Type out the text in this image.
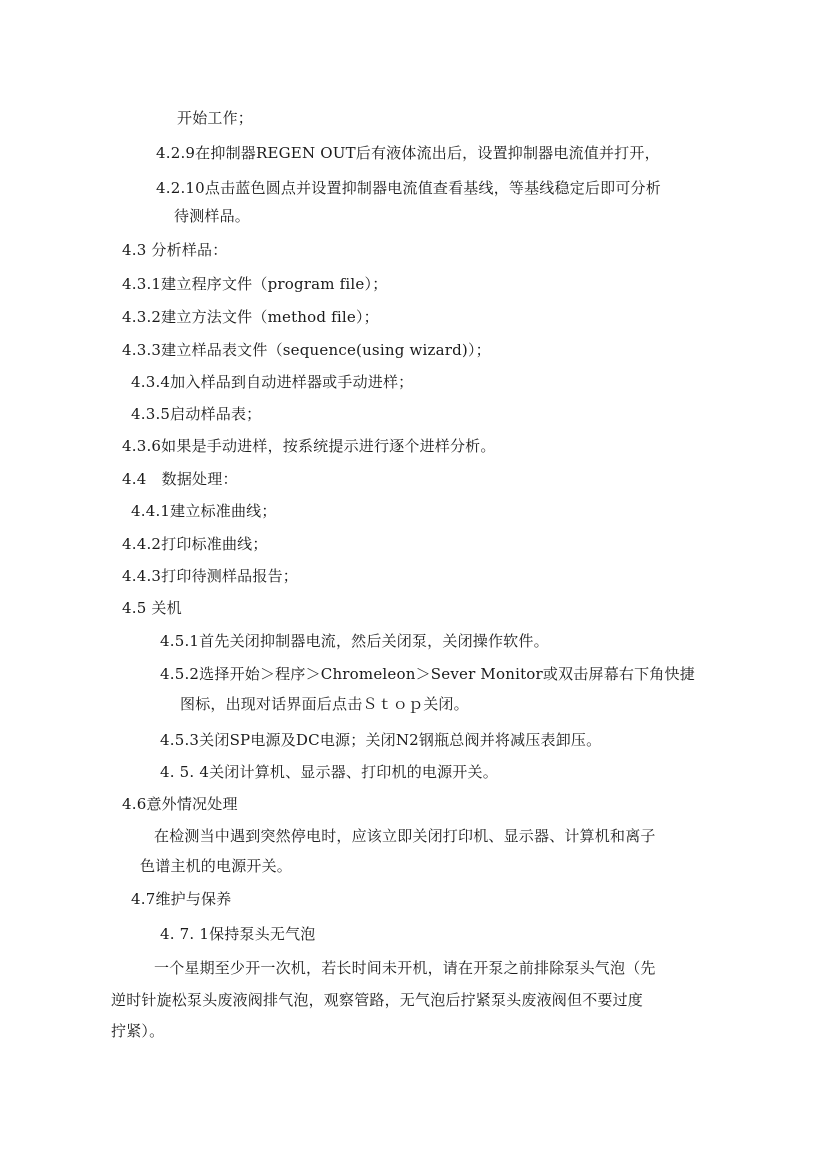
开始工作；
4.2.9在抑制器REGEN OUT后有液体流出后，设置抑制器电流值并打开，
4.2.10点击蓝色圆点并设置抑制器电流值查看基线，等基线稳定后即可分析
待测样品。
4.3 分析样品：
4.3.1建立程序文件（program file）；
4.3.2建立方法文件（method file）；
4.3.3建立样品表文件（sequence(using wizard)）；
4.3.4加入样品到自动进样器或手动进样；
4.3.5启动样品表；
4.3.6如果是手动进样，按系统提示进行逐个进样分析。
4.4　数据处理：
4.4.1建立标准曲线；
4.4.2打印标准曲线；
4.4.3打印待测样品报告；
4.5 关机
4.5.1首先关闭抑制器电流，然后关闭泵，关闭操作软件。
4.5.2选择开始＞程序＞Chromeleon＞Sever Monitor或双击屏幕右下角快捷
图标，出现对话界面后点击Ｓｔｏｐ关闭。
4.5.3关闭SP电源及DC电源；关闭N2钢瓶总阀并将减压表卸压。
4. 5. 4关闭计算机、显示器、打印机的电源开关。
4.6意外情况处理
在检测当中遇到突然停电时，应该立即关闭打印机、显示器、计算机和离子
色谱主机的电源开关。
4.7维护与保养
4. 7. 1保持泵头无气泡
一个星期至少开一次机，若长时间未开机，请在开泵之前排除泵头气泡（先
逆时针旋松泵头废液阀排气泡，观察管路，无气泡后拧紧泵头废液阀但不要过度
拧紧）。
